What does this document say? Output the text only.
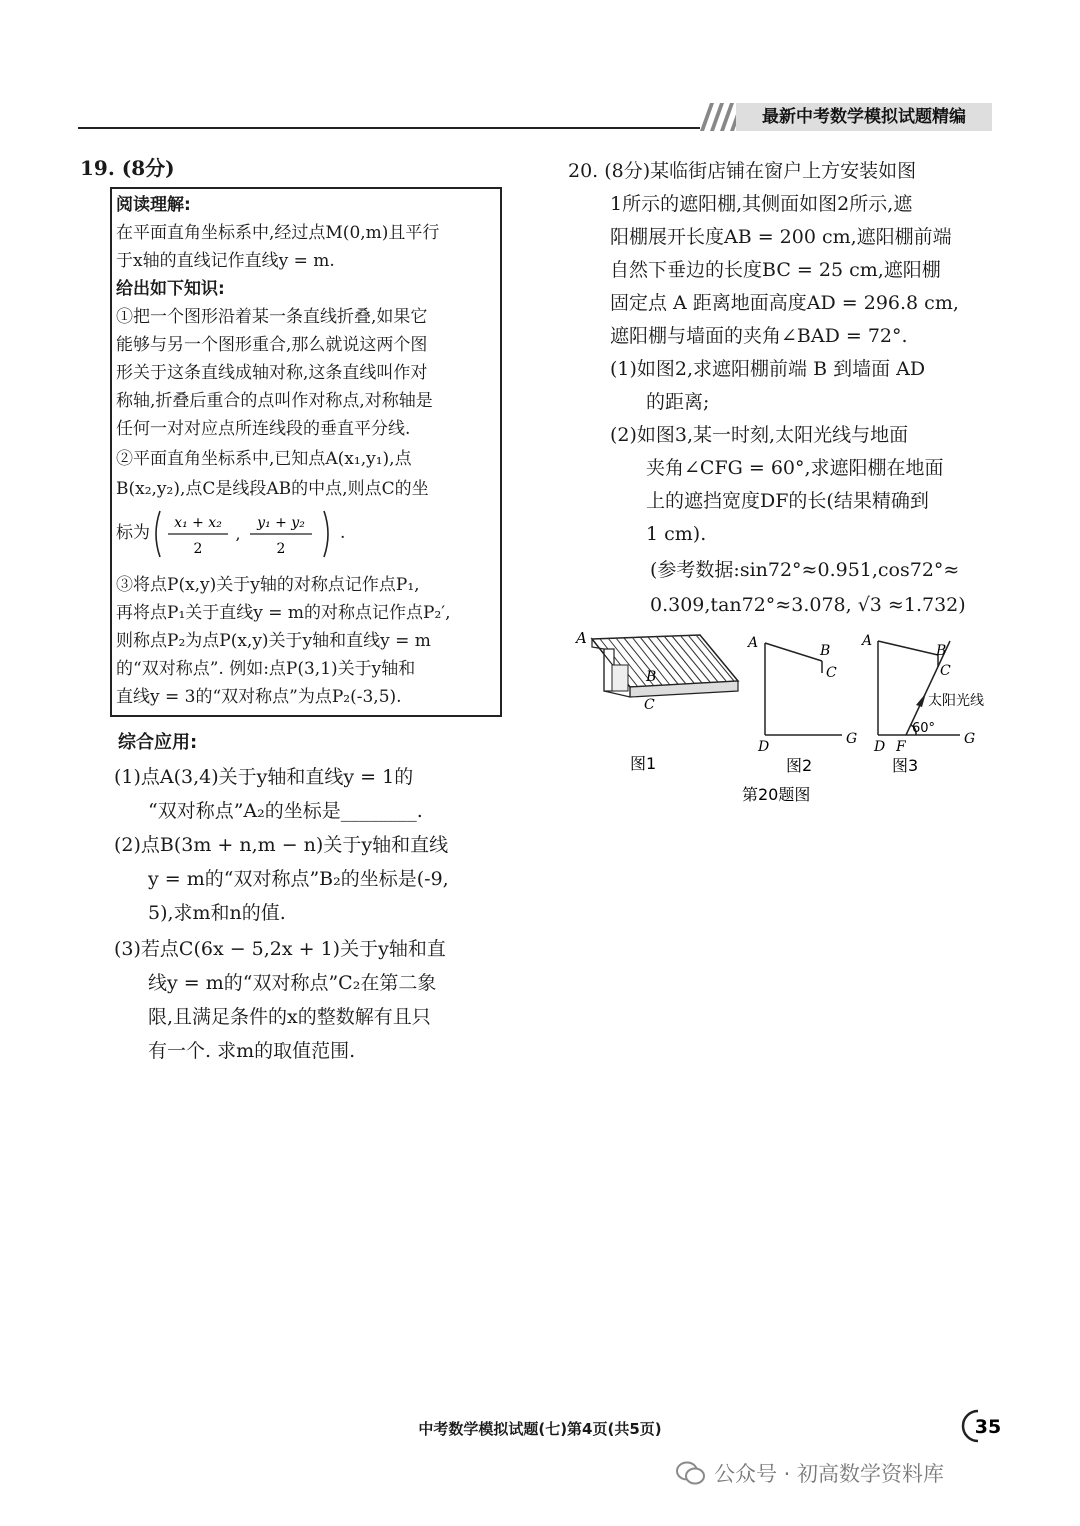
最新中考数学模拟试题精编
19. (8分)
阅读理解:
在平面直角坐标系中,经过点M(0,m)且平行
于x轴的直线记作直线y = m.
给出如下知识:
①把一个图形沿着某一条直线折叠,如果它
能够与另一个图形重合,那么就说这两个图
形关于这条直线成轴对称,这条直线叫作对
称轴,折叠后重合的点叫作对称点,对称轴是
任何一对对应点所连线段的垂直平分线.
②平面直角坐标系中,已知点A(x₁,y₁),点
B(x₂,y₂),点C是线段AB的中点,则点C的坐
标为 x₁ + x₂
2
,
y₁ + y₂
2
.
③将点P(x,y)关于y轴的对称点记作点P₁,
再将点P₁关于直线y = m的对称点记作点P₂′,
则称点P₂为点P(x,y)关于y轴和直线y = m
的“双对称点”. 例如:点P(3,1)关于y轴和
直线y = 3的“双对称点”为点P₂(-3,5).
综合应用:
(1)点A(3,4)关于y轴和直线y = 1的
“双对称点”A₂的坐标是________.
(2)点B(3m + n,m − n)关于y轴和直线
y = m的“双对称点”B₂的坐标是(-9,
5),求m和n的值.
(3)若点C(6x − 5,2x + 1)关于y轴和直
线y = m的“双对称点”C₂在第二象
限,且满足条件的x的整数解有且只
有一个. 求m的取值范围.
20. (8分)某临街店铺在窗户上方安装如图
1所示的遮阳棚,其侧面如图2所示,遮
阳棚展开长度AB = 200 cm,遮阳棚前端
自然下垂边的长度BC = 25 cm,遮阳棚
固定点 A 距离地面高度AD = 296.8 cm,
遮阳棚与墙面的夹角∠BAD = 72°.
(1)如图2,求遮阳棚前端 B 到墙面 AD
的距离;
(2)如图3,某一时刻,太阳光线与地面
夹角∠CFG = 60°,求遮阳棚在地面
上的遮挡宽度DF的长(结果精确到
1 cm).
(参考数据:sin72°≈0.951,cos72°≈
0.309,tan72°≈3.078, √3 ≈1.732)
A
B
C
图1
A	B
C
D	G
图2
A
B
C
D F	G
太阳光线
60°
图3
第20题图
中考数学模拟试题(七)第4页(共5页)	35
公众号 · 初高数学资料库
